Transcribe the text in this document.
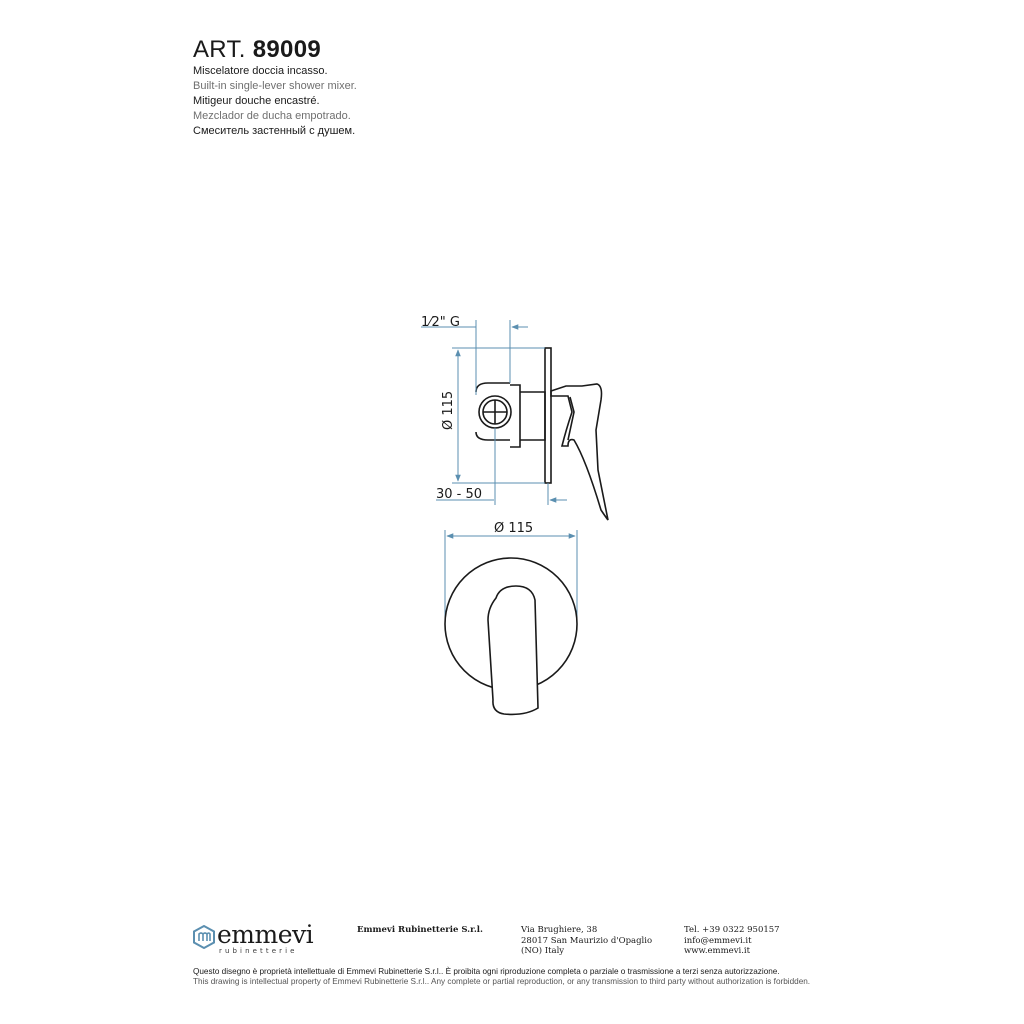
ART. 89009
Miscelatore doccia incasso.
Built-in single-lever shower mixer.
Mitigeur douche encastré.
Mezclador de ducha empotrado.
Смеситель застенный с душем.
1⁄2" G
Ø 115
30 - 50
Ø 115
emmevi
rubinetterie
Emmevi Rubinetterie S.r.l.	Via Brughiere, 38
28017 San Maurizio d'Opaglio
(NO) Italy
Tel. +39 0322 950157
info@emmevi.it
www.emmevi.it
Questo disegno è proprietà intellettuale di Emmevi Rubinetterie S.r.l.. È proibita ogni riproduzione completa o parziale o trasmissione a terzi senza autorizzazione.
This drawing is intellectual property of Emmevi Rubinetterie S.r.l.. Any complete or partial reproduction, or any transmission to third party without authorization is forbidden.
